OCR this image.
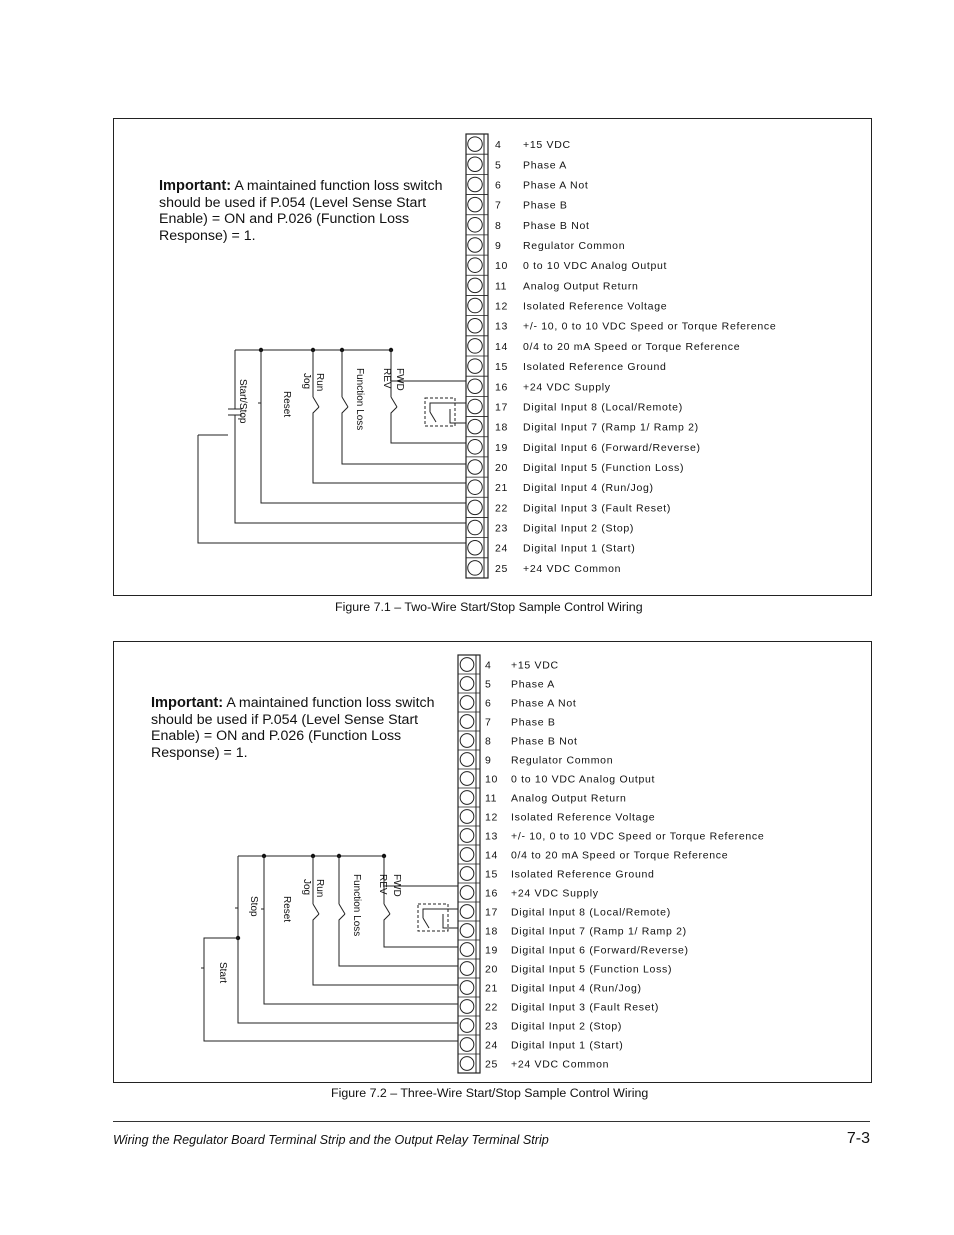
Important: A maintained function loss switch should be used if P.054 (Level Sense Start Enable) = ON and P.026 (Function Loss Response) = 1.
4 +15 VDC
5 Phase A
6 Phase A Not
7 Phase B
8 Phase B Not
9 Regulator Common
10 0 to 10 VDC Analog Output
11 Analog Output Return
12 Isolated Reference Voltage
13 +/- 10, 0 to 10 VDC Speed or Torque Reference
14 0/4 to 20 mA Speed or Torque Reference
15 Isolated Reference Ground
16 +24 VDC Supply
17 Digital Input 8 (Local/Remote)
18 Digital Input 7 (Ramp 1/ Ramp 2)
19 Digital Input 6 (Forward/Reverse)
20 Digital Input 5 (Function Loss)
21 Digital Input 4 (Run/Jog)
22 Digital Input 3 (Fault Reset)
23 Digital Input 2 (Stop)
24 Digital Input 1 (Start)
25 +24 VDC Common
Start/Stop	Reset
Run
Jog	Function Loss	FWD
REV
Figure 7.1 – Two-Wire Start/Stop Sample Control Wiring
Important: A maintained function loss switch should be used if P.054 (Level Sense Start Enable) = ON and P.026 (Function Loss Response) = 1.
4 +15 VDC
5 Phase A
6 Phase A Not
7 Phase B
8 Phase B Not
9 Regulator Common
10 0 to 10 VDC Analog Output
11 Analog Output Return
12 Isolated Reference Voltage
13 +/- 10, 0 to 10 VDC Speed or Torque Reference
14 0/4 to 20 mA Speed or Torque Reference
15 Isolated Reference Ground
16 +24 VDC Supply
17 Digital Input 8 (Local/Remote)
18 Digital Input 7 (Ramp 1/ Ramp 2)
19 Digital Input 6 (Forward/Reverse)
20 Digital Input 5 (Function Loss)
21 Digital Input 4 (Run/Jog)
22 Digital Input 3 (Fault Reset)
23 Digital Input 2 (Stop)
24 Digital Input 1 (Start)
25 +24 VDC Common
Stop
Start
Reset
Run
Jog	Function Loss	FWD
REV
Figure 7.2 – Three-Wire Start/Stop Sample Control Wiring
Wiring the Regulator Board Terminal Strip and the Output Relay Terminal Strip	7-3
